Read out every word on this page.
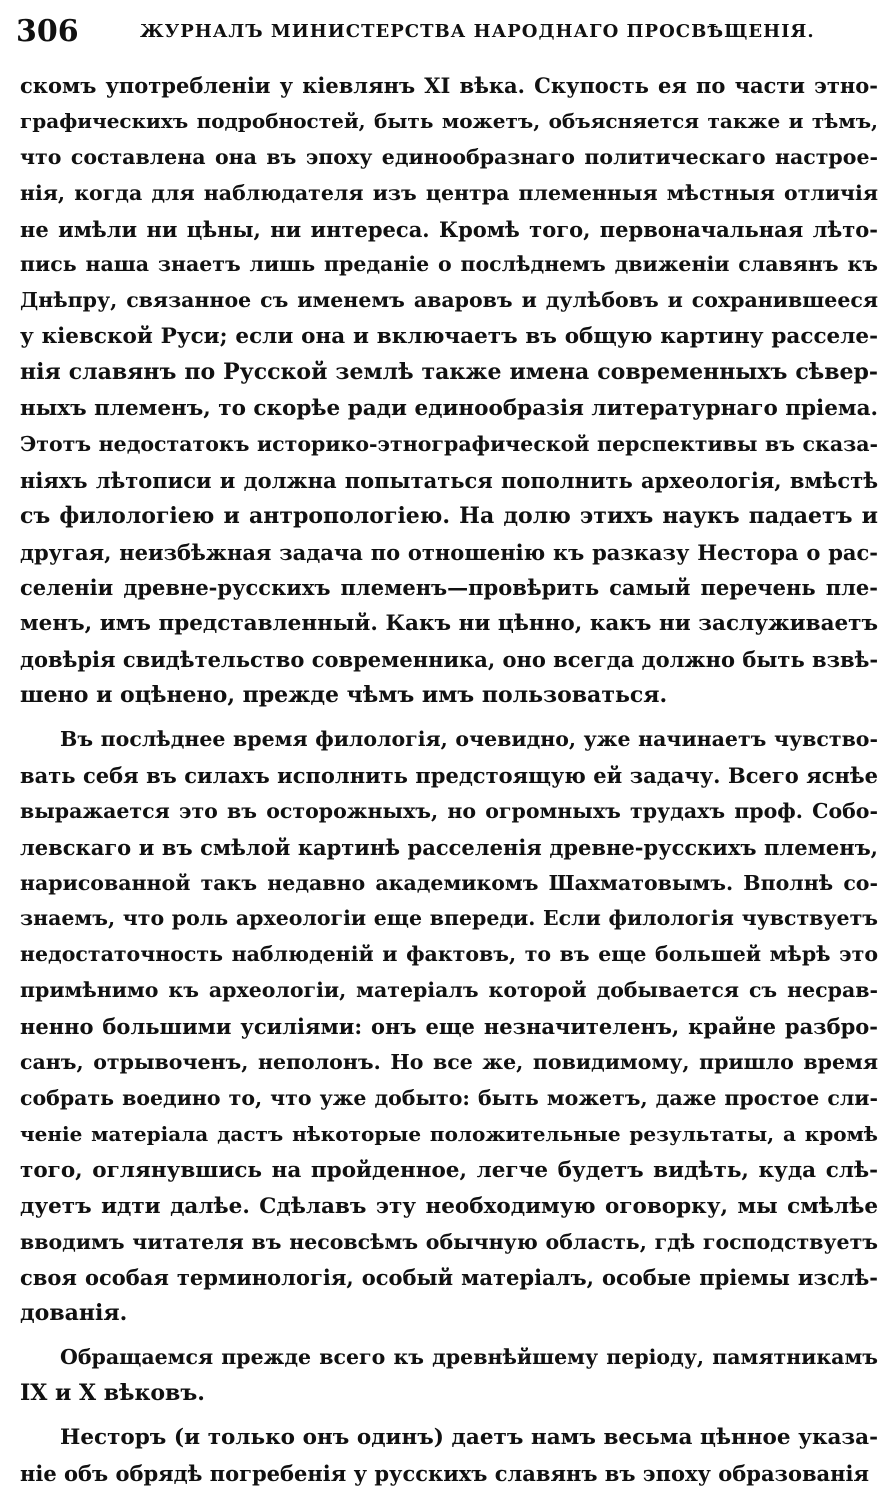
306	ЖУРНАЛЪ МИНИСТЕРСТВА НАРОДНАГО ПРОСВѢЩЕНІЯ.
скомъ употребленіи у кіевлянъ XI вѣка. Скупость ея по части этно-
графическихъ подробностей, быть можетъ, объясняется также и тѣмъ,
что составлена она въ эпоху единообразнаго политическаго настрое-
нія, когда для наблюдателя изъ центра племенныя мѣстныя отличія
не имѣли ни цѣны, ни интереса. Кромѣ того, первоначальная лѣто-
пись наша знаетъ лишь преданіе о послѣднемъ движеніи славянъ къ
Днѣпру, связанное съ именемъ аваровъ и дулѣбовъ и сохранившееся
у кіевской Руси; если она и включаетъ въ общую картину расселе-
нія славянъ по Русской землѣ также имена современныхъ сѣвер-
ныхъ племенъ, то скорѣе ради единообразія литературнаго пріема.
Этотъ недостатокъ историко-этнографической перспективы въ сказа-
ніяхъ лѣтописи и должна попытаться пополнить археологія, вмѣстѣ
съ филологіею и антропологіею. На долю этихъ наукъ падаетъ и
другая, неизбѣжная задача по отношенію къ разказу Нестора о рас-
селеніи древне-русскихъ племенъ—провѣрить самый перечень пле-
менъ, имъ представленный. Какъ ни цѣнно, какъ ни заслуживаетъ
довѣрія свидѣтельство современника, оно всегда должно быть взвѣ-
шено и оцѣнено, прежде чѣмъ имъ пользоваться.
Въ послѣднее время филологія, очевидно, уже начинаетъ чувство-
вать себя въ силахъ исполнить предстоящую ей задачу. Всего яснѣе
выражается это въ осторожныхъ, но огромныхъ трудахъ проф. Собо-
левскаго и въ смѣлой картинѣ расселенія древне-русскихъ племенъ,
нарисованной такъ недавно академикомъ Шахматовымъ. Вполнѣ со-
знаемъ, что роль археологіи еще впереди. Если филологія чувствуетъ
недостаточность наблюденій и фактовъ, то въ еще большей мѣрѣ это
примѣнимо къ археологіи, матеріалъ которой добывается съ несрав-
ненно большими усиліями: онъ еще незначителенъ, крайне разбро-
санъ, отрывоченъ, неполонъ. Но все же, повидимому, пришло время
собрать воедино то, что уже добыто: быть можетъ, даже простое сли-
ченіе матеріала дастъ нѣкоторые положительные результаты, а кромѣ
того, оглянувшись на пройденное, легче будетъ видѣть, куда слѣ-
дуетъ идти далѣе. Сдѣлавъ эту необходимую оговорку, мы смѣлѣе
вводимъ читателя въ несовсѣмъ обычную область, гдѣ господствуетъ
своя особая терминологія, особый матеріалъ, особые пріемы изслѣ-
дованія.
Обращаемся прежде всего къ древнѣйшему періоду, памятникамъ
IX и X вѣковъ.
Несторъ (и только онъ одинъ) даетъ намъ весьма цѣнное указа-
ніе объ обрядѣ погребенія у русскихъ славянъ въ эпоху образованія
